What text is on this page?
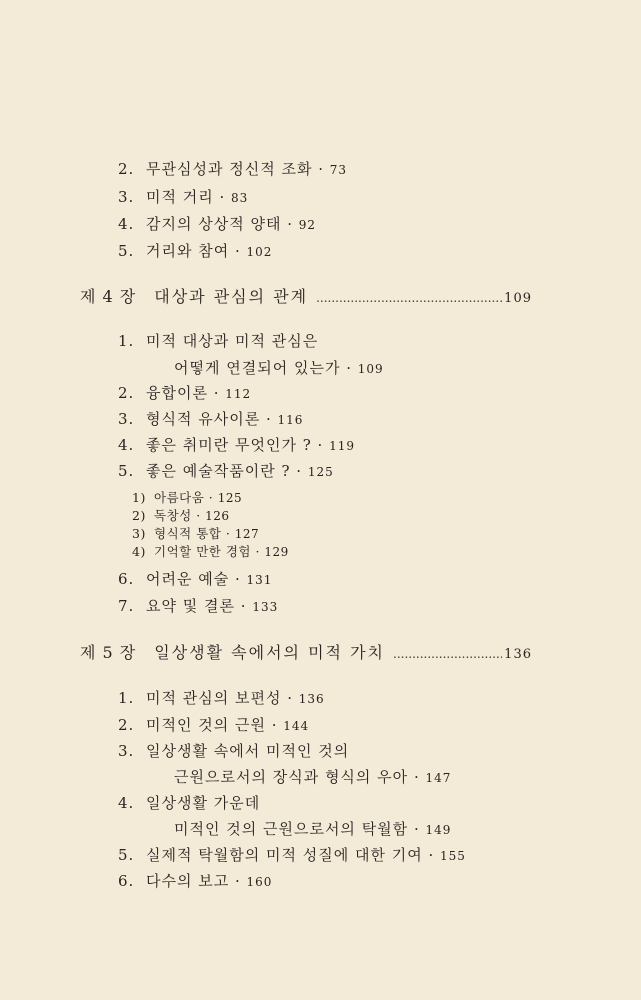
2. 무관심성과 정신적 조화 · 73
3. 미적 거리 · 83
4. 감지의 상상적 양태 · 92
5. 거리와 참여 · 102
제 4 장 대상과 관심의 관계 .....	109
1. 미적 대상과 미적 관심은
어떻게 연결되어 있는가 · 109
2. 융합이론 · 112
3. 형식적 유사이론 · 116
4. 좋은 취미란 무엇인가 ? · 119
5. 좋은 예술작품이란 ? · 125
1) 아름다움 · 125
2) 독창성 · 126
3) 형식적 통합 · 127
4) 기억할 만한 경험 · 129
6. 어려운 예술 · 131
7. 요약 및 결론 · 133
제 5 장 일상생활 속에서의 미적 가치 .....	136
1. 미적 관심의 보편성 · 136
2. 미적인 것의 근원 · 144
3. 일상생활 속에서 미적인 것의
근원으로서의 장식과 형식의 우아 · 147
4. 일상생활 가운데
미적인 것의 근원으로서의 탁월함 · 149
5. 실제적 탁월함의 미적 성질에 대한 기여 · 155
6. 다수의 보고 · 160
